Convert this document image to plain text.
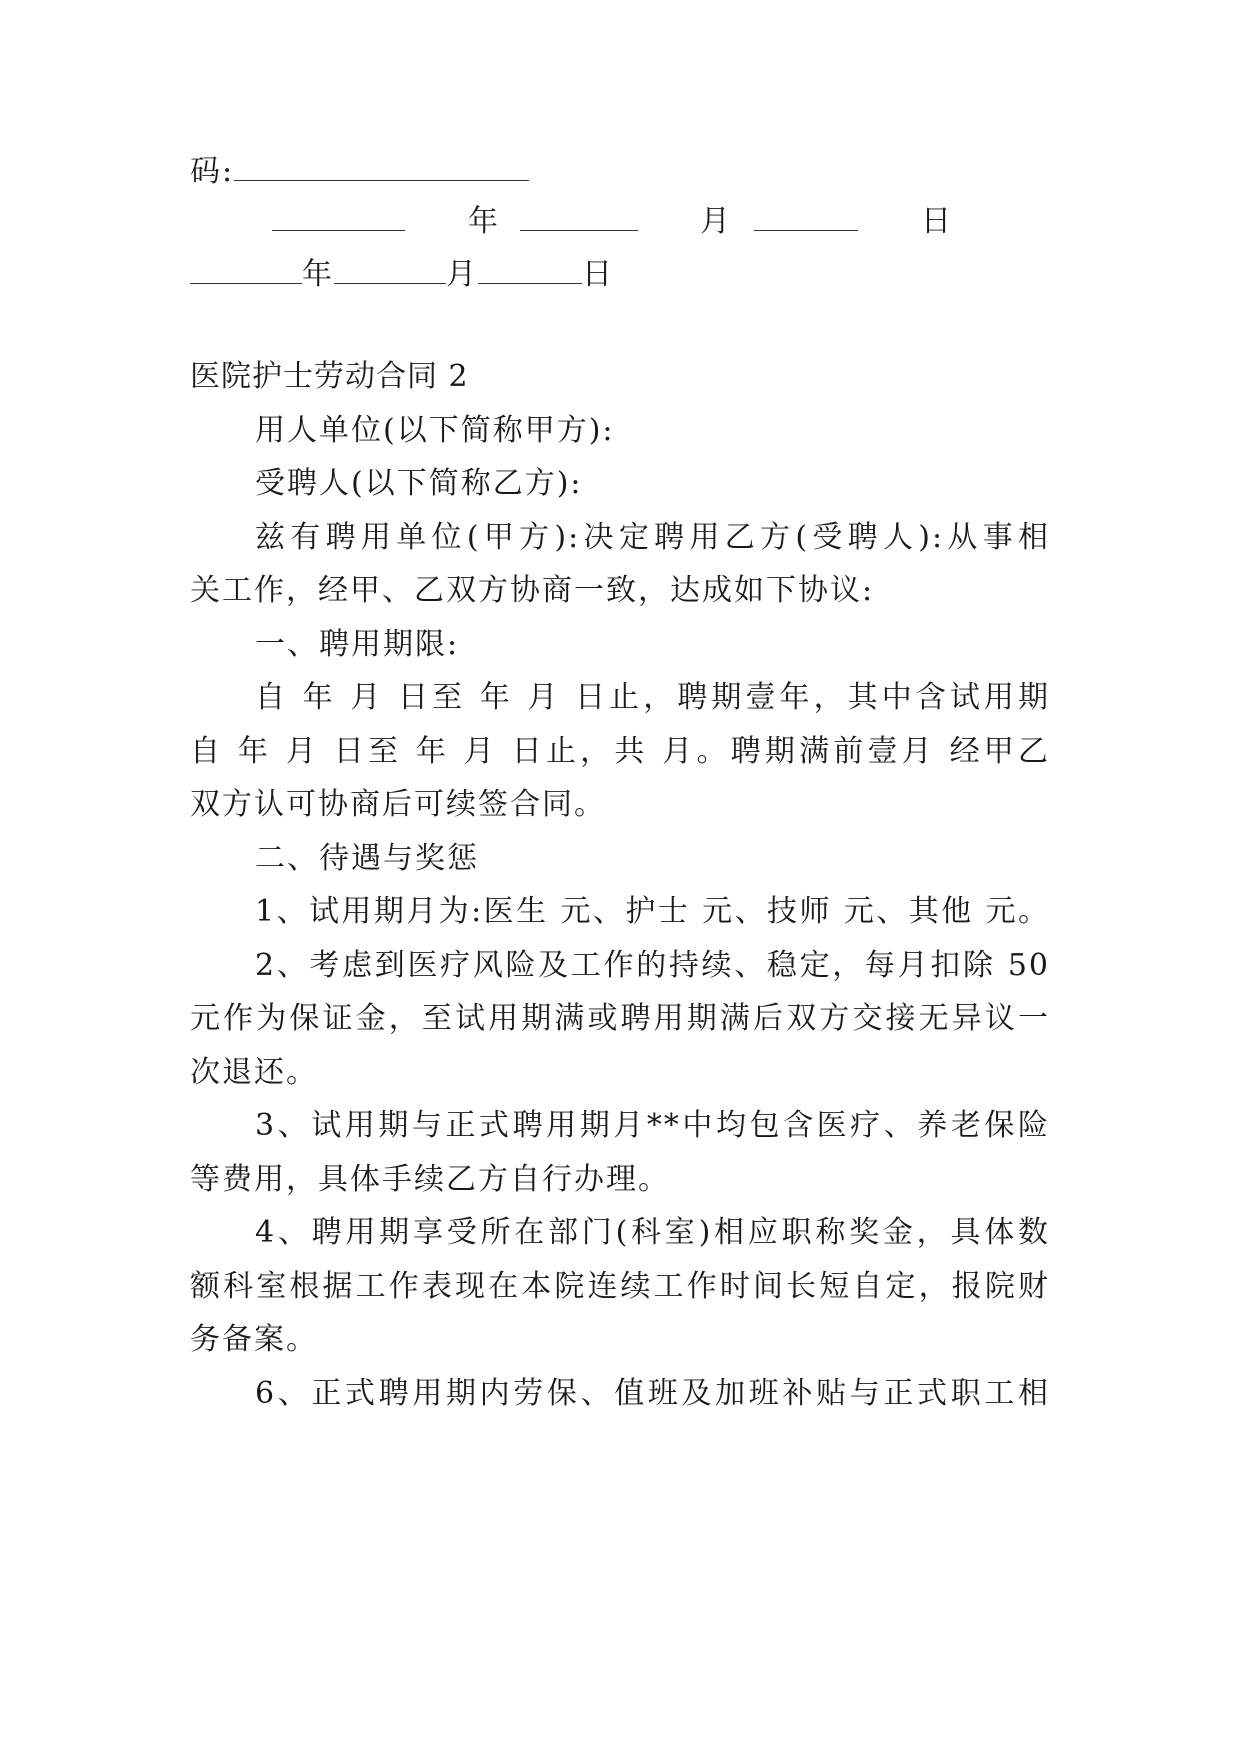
码:
年	月	日
年	月	日
医院护士劳动合同 2
用人单位(以下简称甲方):
受聘人(以下简称乙方):
兹有聘用单位(甲方):决定聘用乙方(受聘人):从事相
关工作，经甲、乙双方协商一致，达成如下协议:
一、聘用期限:
自 年 月 日至 年 月 日止，聘期壹年，其中含试用期
自 年 月 日至 年 月 日止，共 月。聘期满前壹月 经甲乙
双方认可协商后可续签合同。
二、待遇与奖惩
1、试用期月为:医生 元、护士 元、技师 元、其他 元。
2、考虑到医疗风险及工作的持续、稳定，每月扣除 50
元作为保证金，至试用期满或聘用期满后双方交接无异议一
次退还。
3、试用期与正式聘用期月**中均包含医疗、养老保险
等费用，具体手续乙方自行办理。
4、聘用期享受所在部门(科室)相应职称奖金，具体数
额科室根据工作表现在本院连续工作时间长短自定，报院财
务备案。
6、正式聘用期内劳保、值班及加班补贴与正式职工相
